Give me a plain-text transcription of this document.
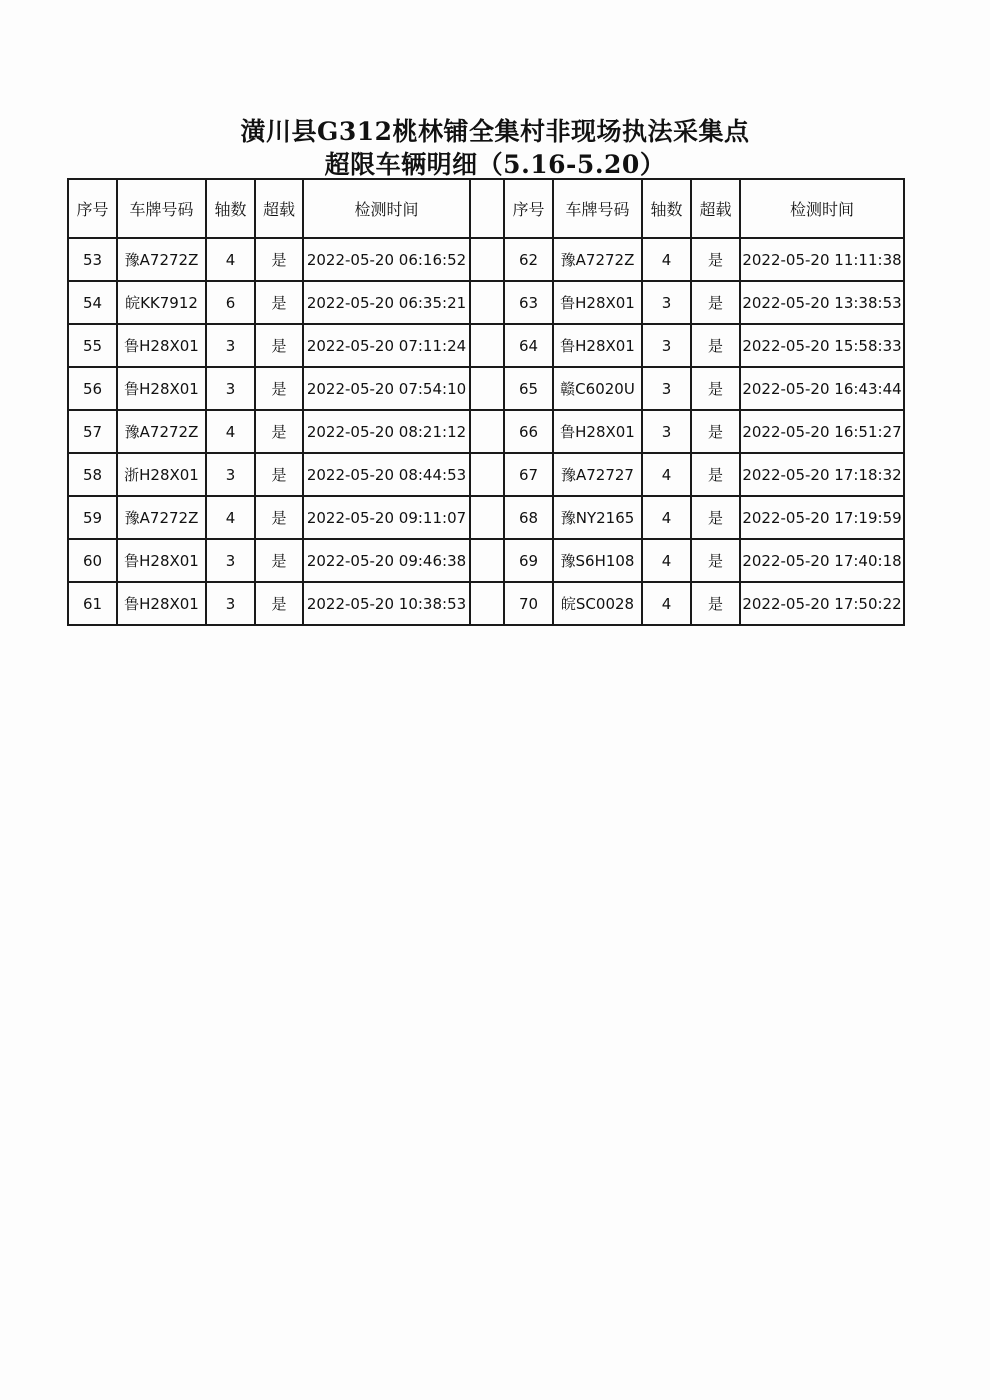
潢川县G312桃林铺全集村非现场执法采集点
超限车辆明细（5.16-5.20）
序号	车牌号码	轴数	超载	检测时间		序号	车牌号码	轴数	超载	检测时间
53	豫A7272Z	4	是	2022-05-20 06:16:52		62	豫A7272Z	4	是	2022-05-20 11:11:38
54	皖KK7912	6	是	2022-05-20 06:35:21		63	鲁H28X01	3	是	2022-05-20 13:38:53
55	鲁H28X01	3	是	2022-05-20 07:11:24		64	鲁H28X01	3	是	2022-05-20 15:58:33
56	鲁H28X01	3	是	2022-05-20 07:54:10		65	赣C6020U	3	是	2022-05-20 16:43:44
57	豫A7272Z	4	是	2022-05-20 08:21:12		66	鲁H28X01	3	是	2022-05-20 16:51:27
58	浙H28X01	3	是	2022-05-20 08:44:53		67	豫A72727	4	是	2022-05-20 17:18:32
59	豫A7272Z	4	是	2022-05-20 09:11:07		68	豫NY2165	4	是	2022-05-20 17:19:59
60	鲁H28X01	3	是	2022-05-20 09:46:38		69	豫S6H108	4	是	2022-05-20 17:40:18
61	鲁H28X01	3	是	2022-05-20 10:38:53		70	皖SC0028	4	是	2022-05-20 17:50:22
